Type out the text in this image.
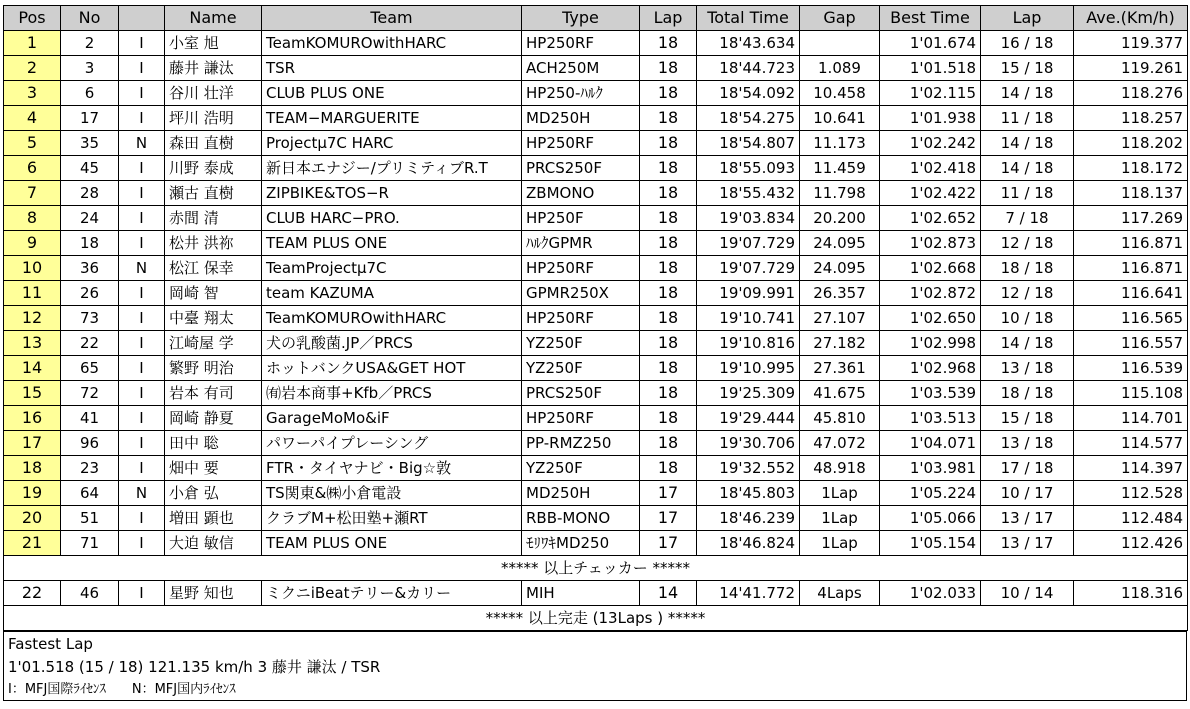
Pos	No		Name	Team	Type	Lap	Total Time	Gap	Best Time	Lap	Ave.(Km/h)
1	2	I	小室 旭	TeamKOMUROwithHARC	HP250RF	18	18'43.634		1'01.674	16 / 18	119.377
2	3	I	藤井 謙汰	TSR	ACH250M	18	18'44.723	1.089	1'01.518	15 / 18	119.261
3	6	I	谷川 壮洋	CLUB PLUS ONE	HP250-ﾊﾙｸ	18	18'54.092	10.458	1'02.115	14 / 18	118.276
4	17	I	坪川 浩明	TEAM−MARGUERITE	MD250H	18	18'54.275	10.641	1'01.938	11 / 18	118.257
5	35	N	森田 直樹	Projectμ7C HARC	HP250RF	18	18'54.807	11.173	1'02.242	14 / 18	118.202
6	45	I	川野 泰成	新日本エナジー/プリミティブR.T	PRCS250F	18	18'55.093	11.459	1'02.418	14 / 18	118.172
7	28	I	瀬古 直樹	ZIPBIKE&TOS−R	ZBMONO	18	18'55.432	11.798	1'02.422	11 / 18	118.137
8	24	I	赤間 清	CLUB HARC−PRO.	HP250F	18	19'03.834	20.200	1'02.652	7 / 18	117.269
9	18	I	松井 洪祢	TEAM PLUS ONE	ﾊﾙｸGPMR	18	19'07.729	24.095	1'02.873	12 / 18	116.871
10	36	N	松江 保幸	TeamProjectμ7C	HP250RF	18	19'07.729	24.095	1'02.668	18 / 18	116.871
11	26	I	岡崎 智	team KAZUMA	GPMR250X	18	19'09.991	26.357	1'02.872	12 / 18	116.641
12	73	I	中臺 翔太	TeamKOMUROwithHARC	HP250RF	18	19'10.741	27.107	1'02.650	10 / 18	116.565
13	22	I	江崎屋 学	犬の乳酸菌.JP／PRCS	YZ250F	18	19'10.816	27.182	1'02.998	14 / 18	116.557
14	65	I	繁野 明治	ホットバンクUSA&GET HOT	YZ250F	18	19'10.995	27.361	1'02.968	13 / 18	116.539
15	72	I	岩本 有司	㈲岩本商事+Kfb／PRCS	PRCS250F	18	19'25.309	41.675	1'03.539	18 / 18	115.108
16	41	I	岡崎 静夏	GarageMoMo&iF	HP250RF	18	19'29.444	45.810	1'03.513	15 / 18	114.701
17	96	I	田中 聡	パワーパイプレーシング	PP-RMZ250	18	19'30.706	47.072	1'04.071	13 / 18	114.577
18	23	I	畑中 要	FTR・タイヤナビ・Big☆敦	YZ250F	18	19'32.552	48.918	1'03.981	17 / 18	114.397
19	64	N	小倉 弘	TS関東&㈱小倉電設	MD250H	17	18'45.803	1Lap	1'05.224	10 / 17	112.528
20	51	I	増田 顕也	クラブM+松田塾+瀬RT	RBB-MONO	17	18'46.239	1Lap	1'05.066	13 / 17	112.484
21	71	I	大迫 敏信	TEAM PLUS ONE	ﾓﾘﾜｷMD250	17	18'46.824	1Lap	1'05.154	13 / 17	112.426
***** 以上チェッカー *****											
22	46	I	星野 知也	ミクニiBeatテリー&カリー	MIH	14	14'41.772	4Laps	1'02.033	10 / 14	118.316
***** 以上完走 (13Laps ) *****											
Fastest Lap
1'01.518 (15 / 18) 121.135 km/h 3 藤井 謙汰 / TSR
I：MFJ国際ﾗｲｾﾝｽ　　N：MFJ国内ﾗｲｾﾝｽ
